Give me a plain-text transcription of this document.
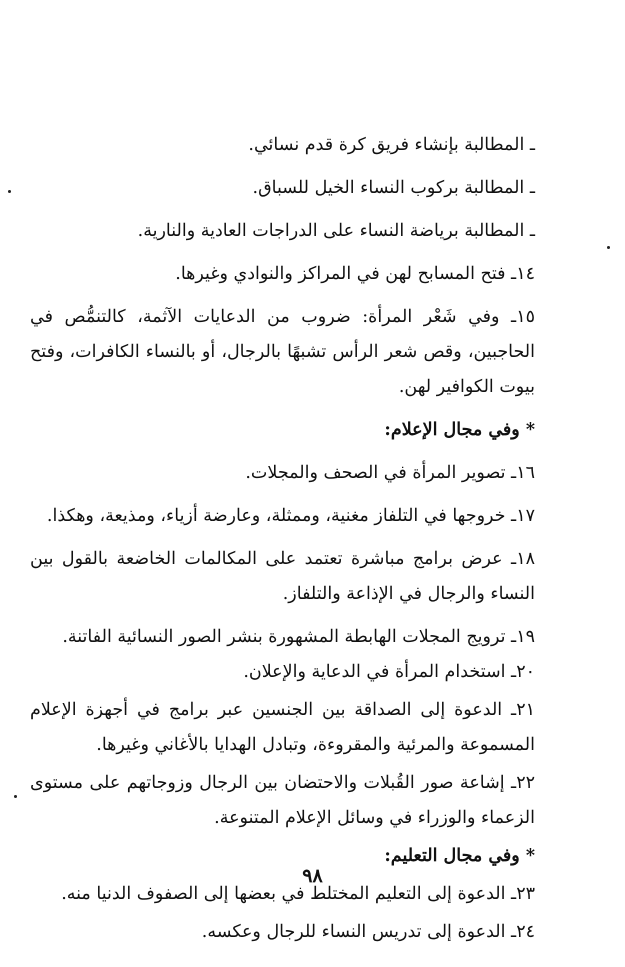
ـ المطالبة بإنشاء فريق كرة قدم نسائي.

ـ المطالبة بركوب النساء الخيل للسباق.

ـ المطالبة برياضة النساء على الدراجات العادية والنارية.

١٤ـ فتح المسابح لهن في المراكز والنوادي وغيرها.

١٥ـ وفي شَعْر المرأة: ضروب من الدعايات الآثمة، كالتنمُّص في الحاجبين، وقص شعر الرأس تشبهًا بالرجال، أو بالنساء الكافرات، وفتح بيوت الكوافير لهن.

* وفي مجال الإعلام:

١٦ـ تصوير المرأة في الصحف والمجلات.

١٧ـ خروجها في التلفاز مغنية، وممثلة، وعارضة أزياء، ومذيعة، وهكذا.

١٨ـ عرض برامج مباشرة تعتمد على المكالمات الخاضعة بالقول بين النساء والرجال في الإذاعة والتلفاز.

١٩ـ ترويج المجلات الهابطة المشهورة بنشر الصور النسائية الفاتنة.

٢٠ـ استخدام المرأة في الدعاية والإعلان.

٢١ـ الدعوة إلى الصداقة بين الجنسين عبر برامج في أجهزة الإعلام المسموعة والمرئية والمقروءة، وتبادل الهدايا بالأغاني وغيرها.

٢٢ـ إشاعة صور القُبلات والاحتضان بين الرجال وزوجاتهم على مستوى الزعماء والوزراء في وسائل الإعلام المتنوعة.

* وفي مجال التعليم:

٢٣ـ الدعوة إلى التعليم المختلط في بعضها إلى الصفوف الدنيا منه.

٢٤ـ الدعوة إلى تدريس النساء للرجال وعكسه.

٩٨
